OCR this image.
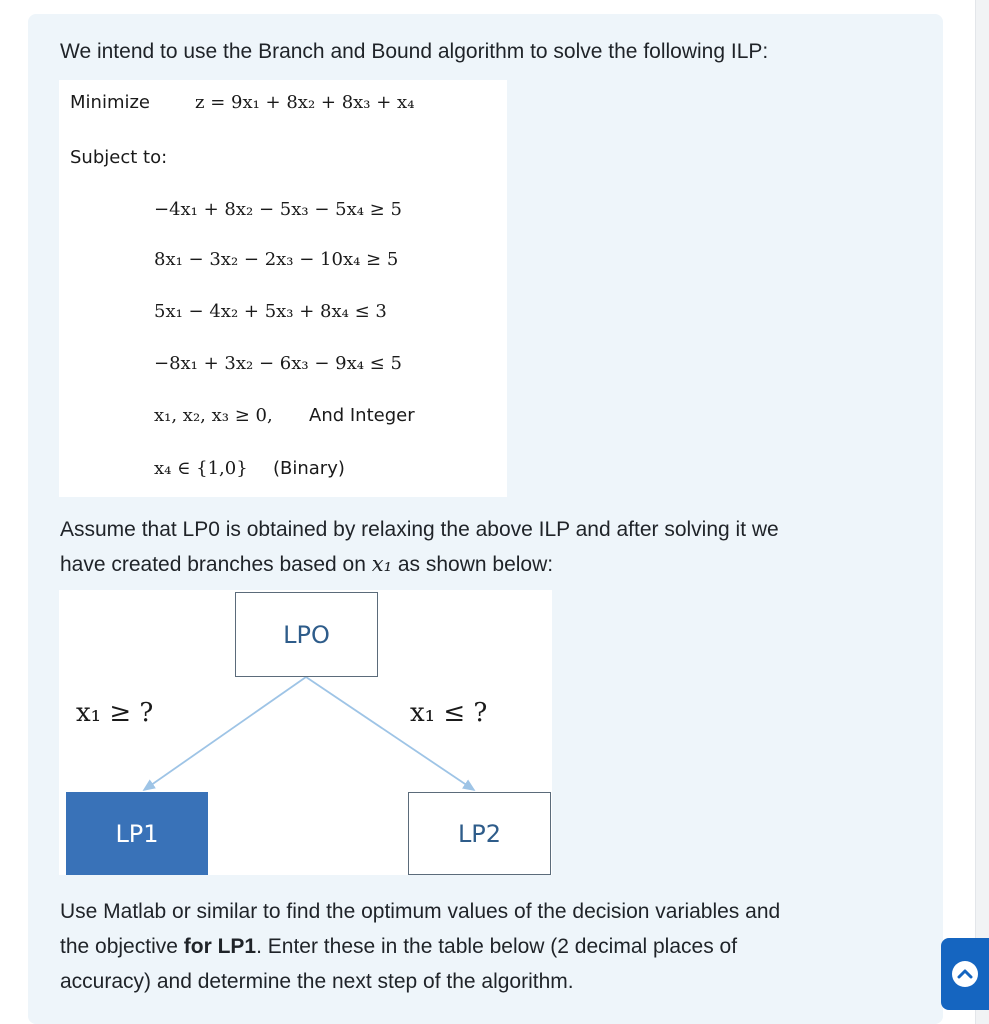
We intend to use the Branch and Bound algorithm to solve the following ILP:
Minimize	z = 9x₁ + 8x₂ + 8x₃ + x₄
Subject to:
−4x₁ + 8x₂ − 5x₃ − 5x₄ ≥ 5
8x₁ − 3x₂ − 2x₃ − 10x₄ ≥ 5
5x₁ − 4x₂ + 5x₃ + 8x₄ ≤ 3
−8x₁ + 3x₂ − 6x₃ − 9x₄ ≤ 5
x₁, x₂, x₃ ≥ 0, And Integer
x₄ ∈ {1,0} (Binary)
Assume that LP0 is obtained by relaxing the above ILP and after solving it we
have created branches based on x₁ as shown below:
LPO
LP1	LP2
x₁ ≥ ?	x₁ ≤ ?
Use Matlab or similar to find the optimum values of the decision variables and
the objective for LP1. Enter these in the table below (2 decimal places of
accuracy) and determine the next step of the algorithm.
